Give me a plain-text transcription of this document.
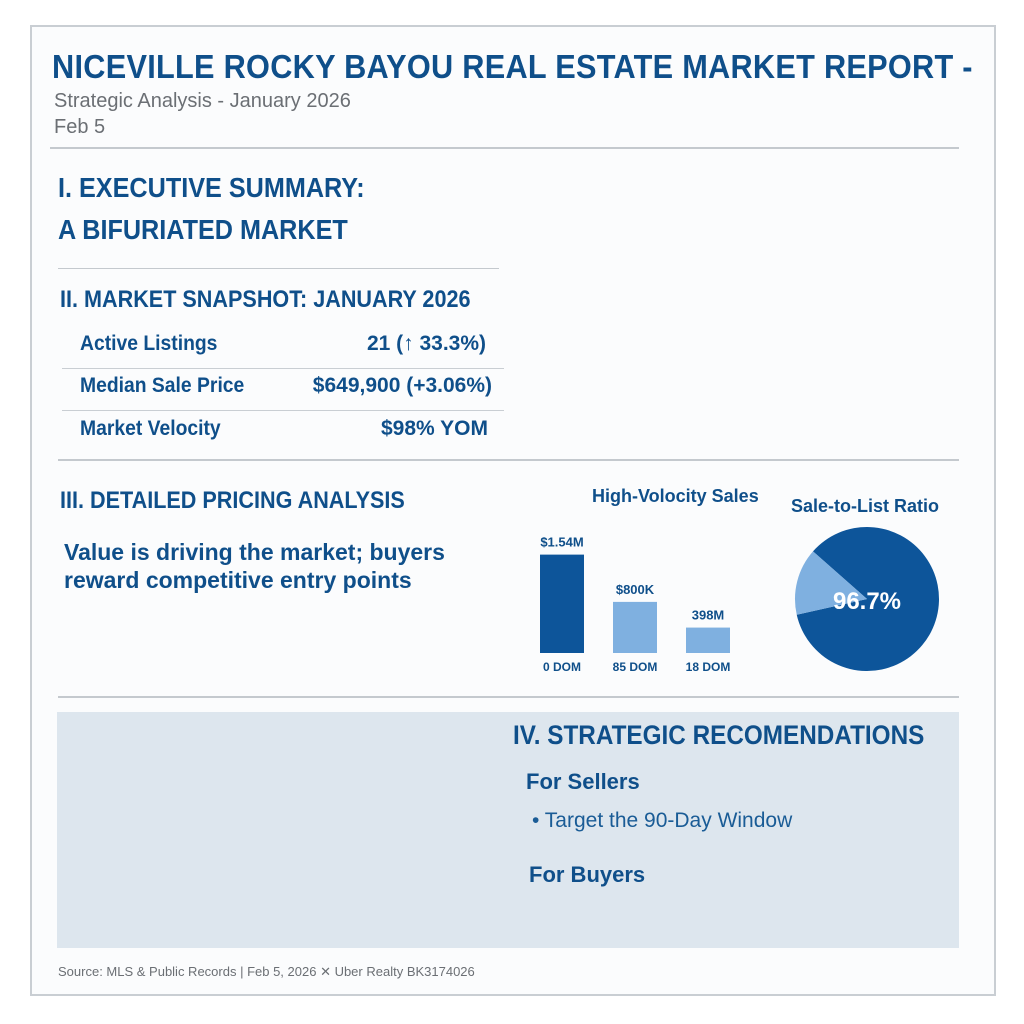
NICEVILLE ROCKY BAYOU REAL ESTATE MARKET REPORT -
Strategic Analysis - January 2026
Feb 5
I. EXECUTIVE SUMMARY:
A BIFURIATED MARKET
II. MARKET SNAPSHOT: JANUARY 2026
Active Listings	21 (↑ 33.3%)
Median Sale Price	$649,900 (+3.06%)
Market Velocity	$98% YOM
III. DETAILED PRICING ANALYSIS
Value is driving the market; buyers reward competitive entry points
High-Volocity Sales
$1.54M
0 DOM
$800K
85 DOM
398M
18 DOM
Sale-to-List Ratio
96.7%
IV. STRATEGIC RECOMENDATIONS
For Sellers
• Target the 90-Day Window
For Buyers
Source: MLS & Public Records | Feb 5, 2026 ✕ Uber Realty BK3174026
